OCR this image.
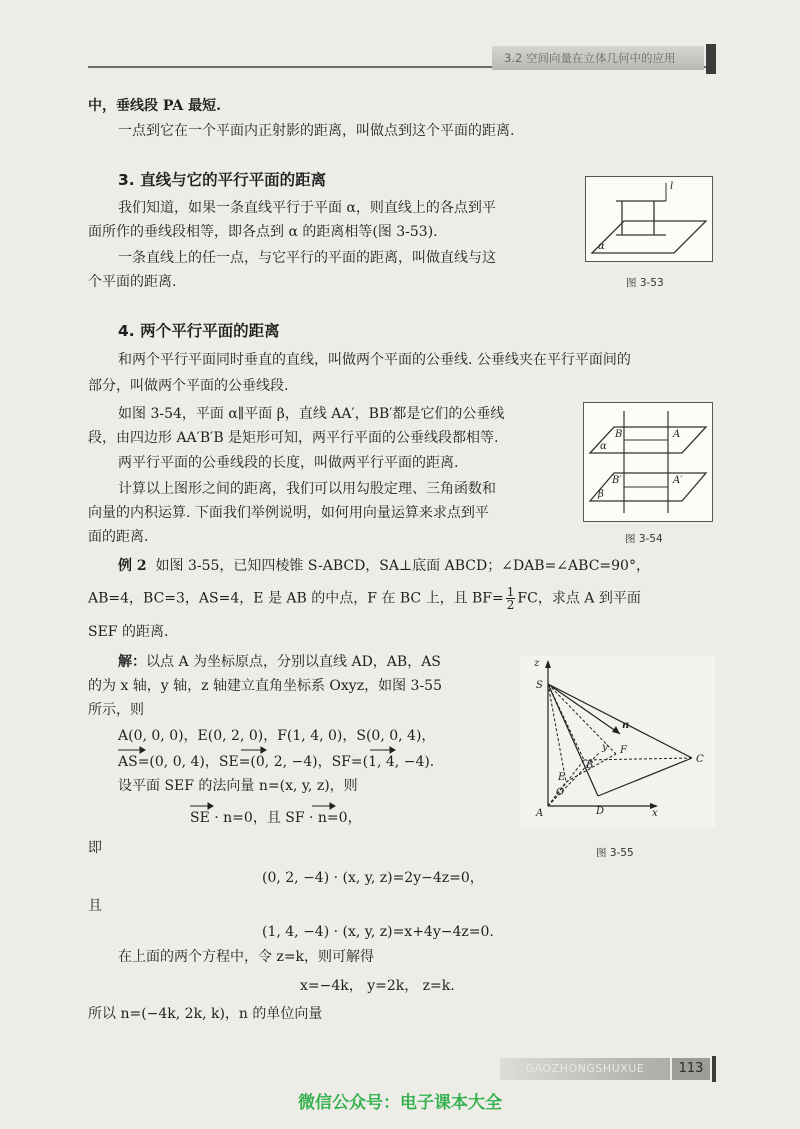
3.2 空间向量在立体几何中的应用
中，垂线段 PA 最短.
一点到它在一个平面内正射影的距离，叫做点到这个平面的距离.
3. 直线与它的平行平面的距离
我们知道，如果一条直线平行于平面 α，则直线上的各点到平
面所作的垂线段相等，即各点到 α 的距离相等(图 3-53).
一条直线上的任一点，与它平行的平面的距离，叫做直线与这
个平面的距离.
l
α
图 3-53
4. 两个平行平面的距离
和两个平行平面同时垂直的直线，叫做两个平面的公垂线. 公垂线夹在平行平面间的
部分，叫做两个平面的公垂线段.
如图 3-54，平面 α∥平面 β，直线 AA′，BB′都是它们的公垂线
段，由四边形 AA′B′B 是矩形可知，两平行平面的公垂线段都相等.
两平行平面的公垂线段的长度，叫做两平行平面的距离.
计算以上图形之间的距离，我们可以用勾股定理、三角函数和
向量的内积运算. 下面我们举例说明，如何用向量运算来求点到平
面的距离.
α
B	A
β
B′	A′
图 3-54
例 2 如图 3-55，已知四棱锥 S-ABCD，SA⊥底面 ABCD；∠DAB=∠ABC=90°，
AB=4，BC=3，AS=4，E 是 AB 的中点，F 在 BC 上，且 $BF= \frac{1}{2}$ FC，求点 A 到平面
SEF 的距离.
解：以点 A 为坐标原点，分别以直线 AD，AB，AS
的为 x 轴，y 轴，z 轴建立直角坐标系 Oxyz，如图 3-55
所示，则
A(0, 0, 0)，E(0, 2, 0)，F(1, 4, 0)，S(0, 0, 4)，
AS=(0, 0, 4)，SE=(0, 2, −4)，SF=(1, 4, −4).
设平面 SEF 的法向量 n=(x, y, z)，则
SE · n=0，且 SF · n=0，
即
(0, 2, −4) · (x, y, z)=2y−4z=0，
且
(1, 4, −4) · (x, y, z)=x+4y−4z=0.
在上面的两个方程中，令 z=k，则可解得
x=−4k， y=2k， z=k.
所以 n=(−4k, 2k, k)，n 的单位向量
z
S
n
y F
B
E
O
C
A	D	x
图 3-55
GAOZHONGSHUXUE	113
微信公众号：电子课本大全
